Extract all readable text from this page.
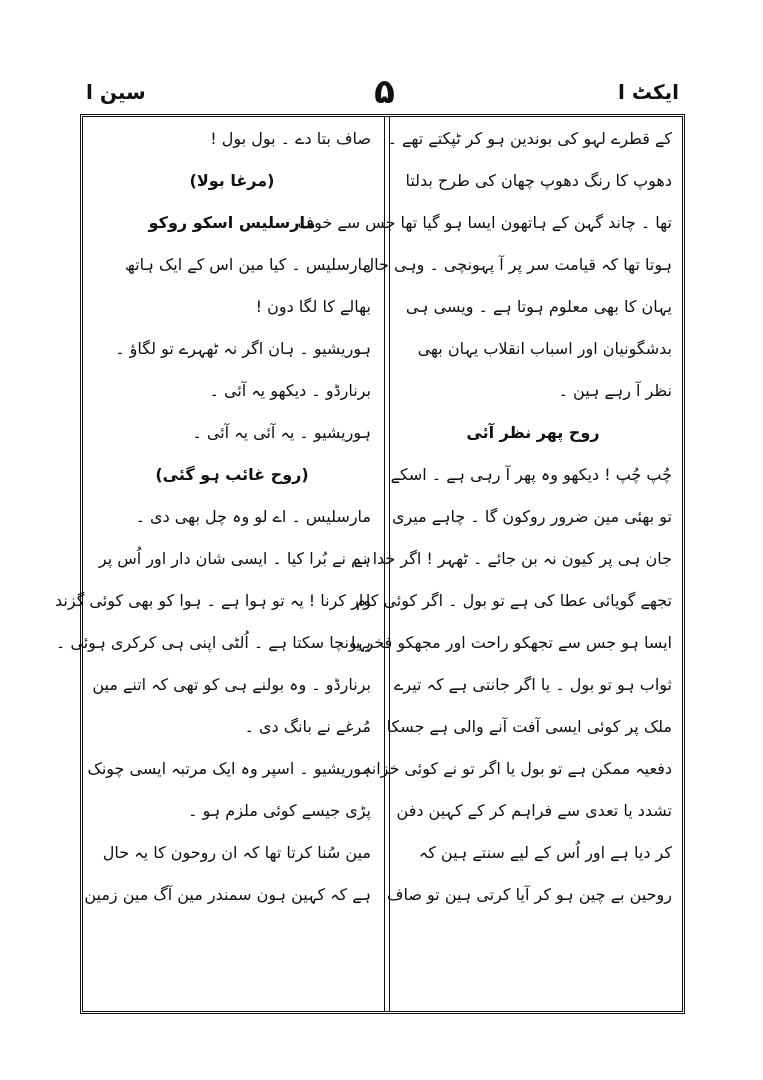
سین ا	۵	ایکٹ ا
کے قطرے لہو کی بوندین ہو کر ٹپکتے تھے ۔
دھوپ کا رنگ دھوپ چھان کی طرح بدلتا
تھا ۔ چاند گہن کے ہاتھون ایسا ہو گیا تھا جس سے خوف
ہوتا تھا کہ قیامت سر پر آ پہونچی ۔ وہی حال
یہان کا بھی معلوم ہوتا ہے ۔ ویسی ہی
بدشگونیان اور اسباب انقلاب یہان بھی
نظر آ رہے ہین ۔
روح پھر نظر آئی
چُپ چُپ ! دیکھو وہ پھر آ رہی ہے ۔ اسکے
تو بھئی مین ضرور روکون گا ۔ چاہے میری
جان ہی پر کیون نہ بن جائے ۔ ٹھہر ! اگر خدا نے
تجھے گویائی عطا کی ہے تو بول ۔ اگر کوئی کام
ایسا ہو جس سے تجھکو راحت اور مجھکو فخر یا
ثواب ہو تو بول ۔ یا اگر جانتی ہے کہ تیرے
ملک پر کوئی ایسی آفت آنے والی ہے جسکا
دفعیہ ممکن ہے تو بول یا اگر تو نے کوئی خزانہ
تشدد یا تعدی سے فراہم کر کے کہین دفن
کر دیا ہے اور اُس کے لیے سنتے ہین کہ
روحین بے چین ہو کر آیا کرتی ہین تو صاف
صاف بتا دے ۔ بول بول !
(مرغا بولا)
مارسلیس اسکو روکو
مارسلیس ۔ کیا مین اس کے ایک ہاتھ
بھالے کا لگا دون !
ہوریشیو ۔ ہان اگر نہ ٹھہرے تو لگاؤ ۔
برنارڈو ۔ دیکھو یہ آئی ۔
ہوریشیو ۔ یہ آئی یہ آئی ۔
(روح غائب ہو گئی)
مارسلیس ۔ اے لو وہ چل بھی دی ۔
ہم نے بُرا کیا ۔ ایسی شان دار اور اُس پر
وار کرنا ! یہ تو ہوا ہے ۔ ہوا کو بھی کوئی گزند
پہونچا سکتا ہے ۔ اُلٹی اپنی ہی کرکری ہوئی ۔
برنارڈو ۔ وہ بولنے ہی کو تھی کہ اتنے مین
مُرغے نے بانگ دی ۔
ہوریشیو ۔ اسپر وہ ایک مرتبہ ایسی چونک
پڑی جیسے کوئی ملزم ہو ۔
مین سُنا کرتا تھا کہ ان روحون کا یہ حال
ہے کہ کہین ہون سمندر مین آگ مین زمین
